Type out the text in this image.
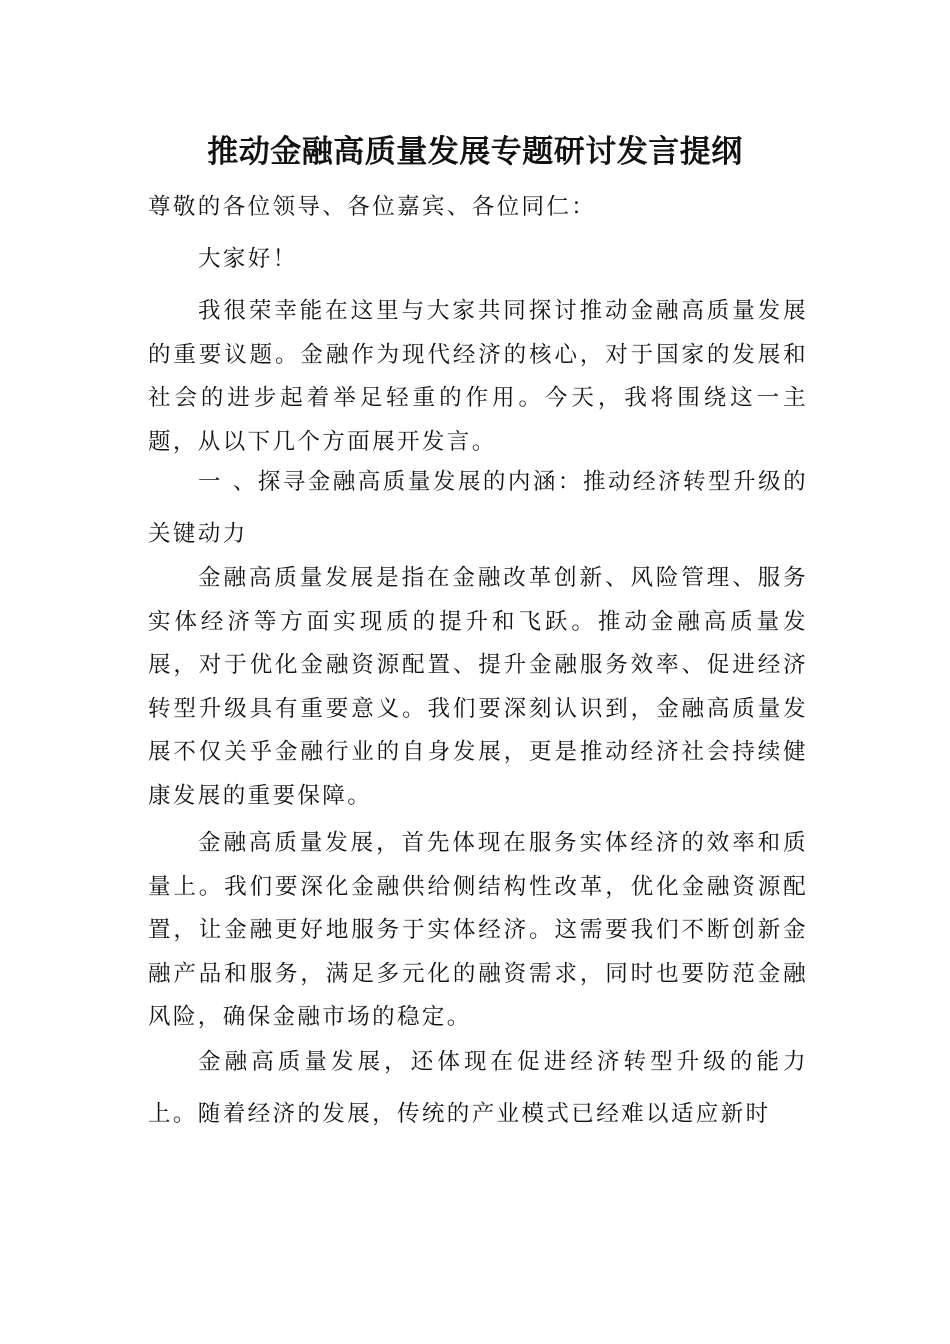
推动金融高质量发展专题研讨发言提纲

尊敬的各位领导、各位嘉宾、各位同仁：

大家好！

我很荣幸能在这里与大家共同探讨推动金融高质量发展的重要议题。金融作为现代经济的核心，对于国家的发展和社会的进步起着举足轻重的作用。今天，我将围绕这一主题，从以下几个方面展开发言。

一 、探寻金融高质量发展的内涵：推动经济转型升级的关键动力

金融高质量发展是指在金融改革创新、风险管理、服务实体经济等方面实现质的提升和飞跃。推动金融高质量发展，对于优化金融资源配置、提升金融服务效率、促进经济转型升级具有重要意义。我们要深刻认识到，金融高质量发展不仅关乎金融行业的自身发展，更是推动经济社会持续健康发展的重要保障。

金融高质量发展，首先体现在服务实体经济的效率和质量上。我们要深化金融供给侧结构性改革，优化金融资源配置，让金融更好地服务于实体经济。这需要我们不断创新金融产品和服务，满足多元化的融资需求，同时也要防范金融风险，确保金融市场的稳定。

金融高质量发展，还体现在促进经济转型升级的能力上。随着经济的发展，传统的产业模式已经难以适应新时
